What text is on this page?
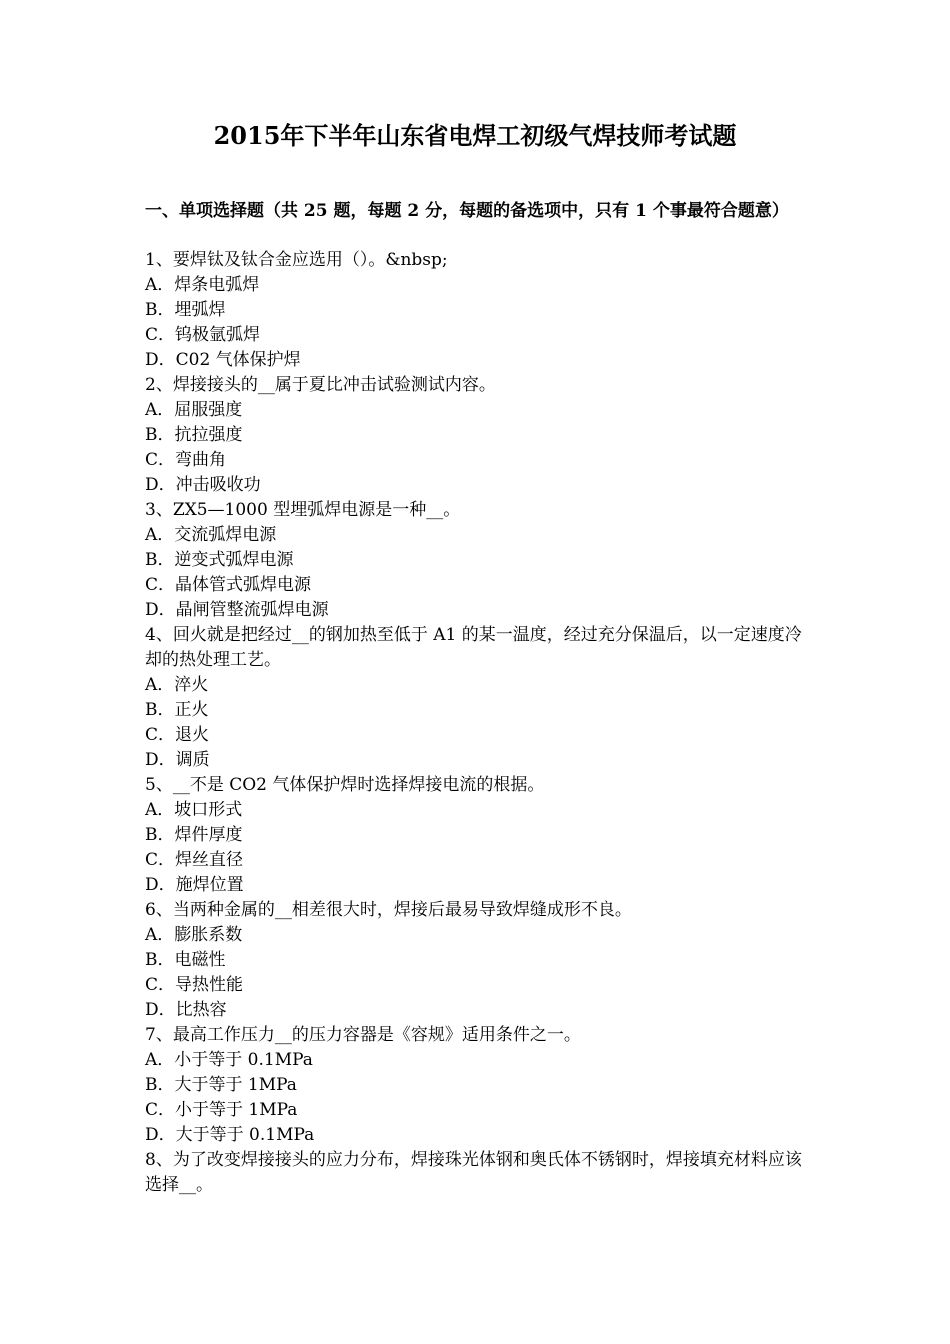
2015年下半年山东省电焊工初级气焊技师考试题
一、单项选择题（共 25 题，每题 2 分，每题的备选项中，只有 1 个事最符合题意）
1、要焊钛及钛合金应选用（）。&nbsp;
A．焊条电弧焊
B．埋弧焊
C．钨极氩弧焊
D．C02 气体保护焊
2、焊接接头的__属于夏比冲击试验测试内容。
A．屈服强度
B．抗拉强度
C．弯曲角
D．冲击吸收功
3、ZX5—1000 型埋弧焊电源是一种__。
A．交流弧焊电源
B．逆变式弧焊电源
C．晶体管式弧焊电源
D．晶闸管整流弧焊电源
4、回火就是把经过__的钢加热至低于 A1 的某一温度，经过充分保温后，以一定速度冷却的热处理工艺。
A．淬火
B．正火
C．退火
D．调质
5、__不是 CO2 气体保护焊时选择焊接电流的根据。
A．坡口形式
B．焊件厚度
C．焊丝直径
D．施焊位置
6、当两种金属的__相差很大时，焊接后最易导致焊缝成形不良。
A．膨胀系数
B．电磁性
C．导热性能
D．比热容
7、最高工作压力__的压力容器是《容规》适用条件之一。
A．小于等于 0.1MPa
B．大于等于 1MPa
C．小于等于 1MPa
D．大于等于 0.1MPa
8、为了改变焊接接头的应力分布，焊接珠光体钢和奥氏体不锈钢时，焊接填充材料应该选择__。
